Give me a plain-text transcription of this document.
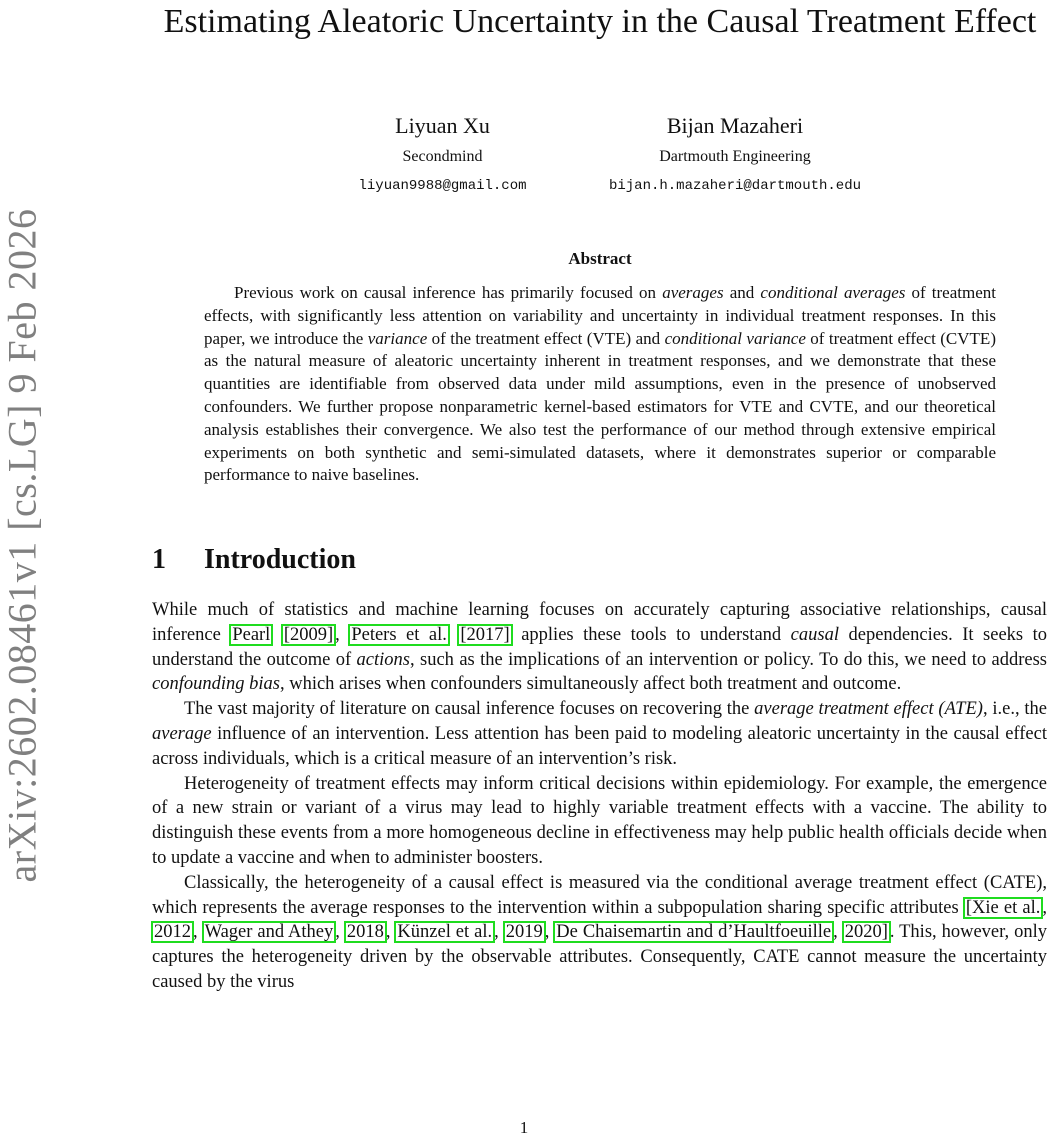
arXiv:2602.08461v1 [cs.LG] 9 Feb 2026
Estimating Aleatoric Uncertainty in the Causal Treatment Effect
Liyuan Xu
Secondmind
liyuan9988@gmail.com
Bijan Mazaheri
Dartmouth Engineering
bijan.h.mazaheri@dartmouth.edu
Abstract

Previous work on causal inference has primarily focused on averages and conditional averages of treatment effects, with significantly less attention on variability and uncertainty in individual treatment responses. In this paper, we introduce the variance of the treatment effect (VTE) and conditional variance of treatment effect (CVTE) as the natural measure of aleatoric uncertainty inherent in treatment responses, and we demonstrate that these quantities are identifiable from observed data under mild assumptions, even in the presence of unobserved confounders. We further propose nonparametric kernel-based estimators for VTE and CVTE, and our theoretical analysis establishes their convergence. We also test the performance of our method through extensive empirical experiments on both synthetic and semi-simulated datasets, where it demonstrates superior or comparable performance to naive baselines.

1 Introduction

While much of statistics and machine learning focuses on accurately capturing associative relationships, causal inference Pearl [2009] , Peters et al. [2017] applies these tools to understand causal dependencies. It seeks to understand the outcome of actions, such as the implications of an intervention or policy. To do this, we need to address confounding bias, which arises when confounders simultaneously affect both treatment and outcome.

The vast majority of literature on causal inference focuses on recovering the average treatment effect (ATE), i.e., the average influence of an intervention. Less attention has been paid to modeling aleatoric uncertainty in the causal effect across individuals, which is a critical measure of an intervention’s risk.

Heterogeneity of treatment effects may inform critical decisions within epidemiology. For example, the emergence of a new strain or variant of a virus may lead to highly variable treatment effects with a vaccine. The ability to distinguish these events from a more homogeneous decline in effectiveness may help public health officials decide when to update a vaccine and when to administer boosters.

Classically, the heterogeneity of a causal effect is measured via the conditional average treatment effect (CATE), which represents the average responses to the intervention within a subpopulation sharing specific attributes [Xie et al. , 2012 , Wager and Athey , 2018 , Künzel et al. , 2019 , De Chaisemartin and d’Haultfoeuille , 2020] . This, however, only captures the heterogeneity driven by the observable attributes. Consequently, CATE cannot measure the uncertainty caused by the virus

1
